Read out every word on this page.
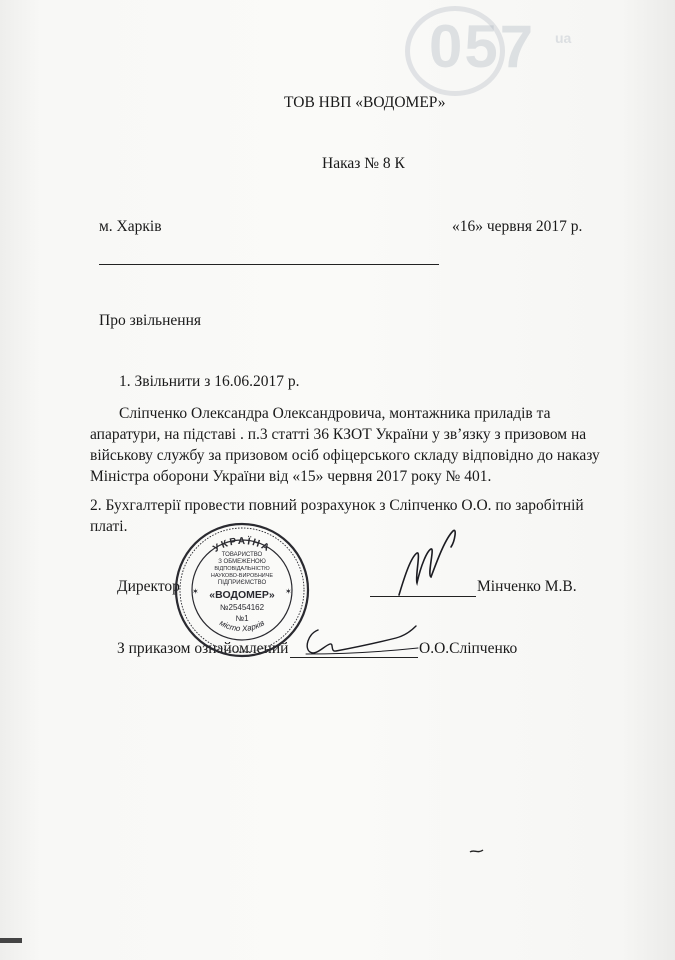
057 ua
ТОВ НВП «ВОДОМЕР»
Наказ № 8 К
м. Харків	«16» червня 2017 р.
Про звільнення
1. Звільнити з 16.06.2017 р.
Сліпченко Олександра Олександровича, монтажника приладів та
апаратури, на підставі . п.3 статті 36 КЗОТ України у зв’язку з призовом на
військову службу за призовом осіб офіцерського складу відповідно до наказу
Міністра оборони України від «15» червня 2017 року № 401.
2. Бухгалтерії провести повний розрахунок з Сліпченко О.О. по заробітній
платі.
Директор	Мінченко М.В.
З приказом ознайомлений	О.О.Сліпченко
УКРАЇНА
місто Харків
ТОВАРИСТВО
З ОБМЕЖЕНОЮ
ВІДПОВІДАЛЬНІСТЮ
НАУКОВО-ВИРОБНИЧЕ
ПІДПРИЄМСТВО
«ВОДОМЕР»
№25454162
№1
✶	✶
